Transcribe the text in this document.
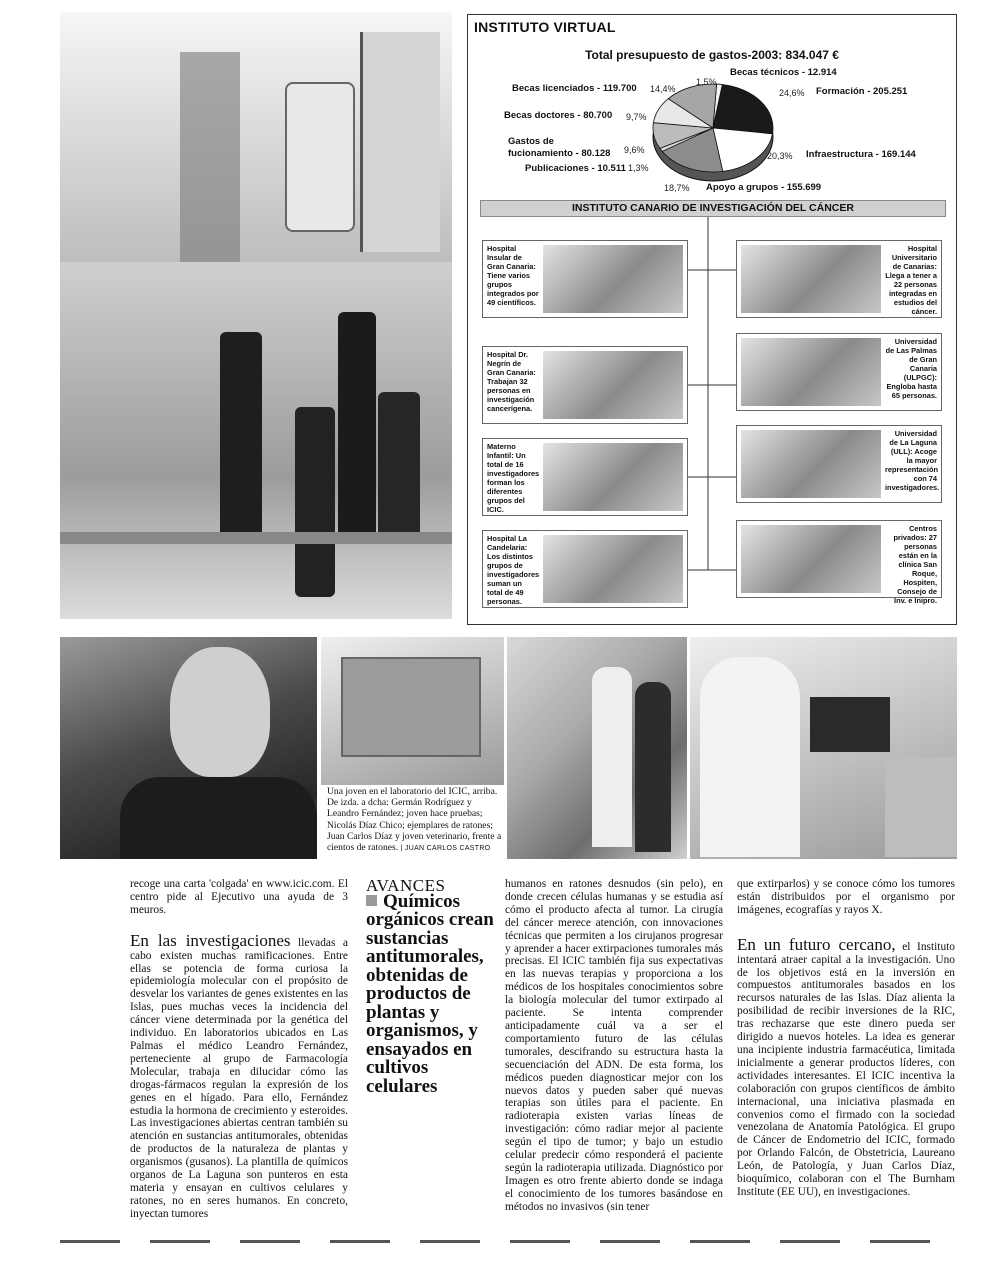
INSTITUTO VIRTUAL
Total presupuesto de gastos-2003: 834.047 €
Becas técnicos - 12.914
Formación - 205.251
Infraestructura - 169.144
Apoyo a grupos - 155.699
Publicaciones - 10.511
Gastos de
fucionamiento - 80.128
Becas doctores - 80.700
Becas licenciados - 119.700
1,5%
24,6%
20,3%
18,7%
1,3%
9,6%
9,7%
14,4%
INSTITUTO CANARIO DE INVESTIGACIÓN DEL CÁNCER
Hospital Insular de Gran Canaria: Tiene varios grupos integrados por 49 científicos.
Hospital Dr. Negrín de Gran Canaria: Trabajan 32 personas en investigación cancerígena.
Materno Infantil: Un total de 16 investigadores forman los diferentes grupos del ICIC.
Hospital La Candelaria: Los distintos grupos de investigadores suman un total de 49 personas.
Hospital Universitario de Canarias: Llega a tener a 22 personas integradas en estudios del cáncer.
Universidad de Las Palmas de Gran Canaria (ULPGC): Engloba hasta 65 personas.
Universidad de La Laguna (ULL): Acoge la mayor representación con 74 investigadores.
Centros privados: 27 personas están en la clínica San Roque, Hospiten, Consejo de Inv. e Inipro.
Una joven en el laboratorio del ICIC, arriba. De izda. a dcha: Germán Rodríguez y Leandro Fernández; joven hace pruebas; Nicolás Díaz Chico; ejemplares de ratones; Juan Carlos Díaz y joven veterinario, frente a cientos de ratones. | JUAN CARLOS CASTRO

recoge una carta 'colgada' en www.icic.com. El centro pide al Ejecutivo una ayuda de 3 meuros.

En las investigaciones llevadas a cabo existen muchas ramificaciones. Entre ellas se potencia de forma curiosa la epidemiología molecular con el propósito de desvelar los variantes de genes existentes en las Islas, pues muchas veces la incidencia del cáncer viene determinada por la genética del individuo. En laboratorios ubicados en Las Palmas el médico Leandro Fernández, perteneciente al grupo de Farmacología Molecular, trabaja en dilucidar cómo las drogas-fármacos regulan la expresión de los genes en el hígado. Para ello, Fernández estudia la hormona de crecimiento y esteroides. Las investigaciones abiertas centran también su atención en sustancias antitumorales, obtenidas de productos de la naturaleza de plantas y organismos (gusanos). La plantilla de químicos organos de La Laguna son punteros en esta materia y ensayan en cultivos celulares y ratones, no en seres humanos. En concreto, inyectan tumores

AVANCES
Químicos orgánicos crean sustancias antitumorales, obtenidas de productos de plantas y organismos, y ensayados en cultivos celulares

humanos en ratones desnudos (sin pelo), en donde crecen células humanas y se estudia así cómo el producto afecta al tumor. La cirugía del cáncer merece atención, con innovaciones técnicas que permiten a los cirujanos progresar y aprender a hacer extirpaciones tumorales más precisas. El ICIC también fija sus expectativas en las nuevas terapias y proporciona a los médicos de los hospitales conocimientos sobre la biología molecular del tumor extirpado al paciente. Se intenta comprender anticipadamente cuál va a ser el comportamiento futuro de las células tumorales, descifrando su estructura hasta la secuenciación del ADN. De esta forma, los médicos pueden diagnosticar mejor con los nuevos datos y pueden saber qué nuevas terapias son útiles para el paciente. En radioterapia existen varias líneas de investigación: cómo radiar mejor al paciente según el tipo de tumor; y bajo un estudio celular predecir cómo responderá el paciente según la radioterapia utilizada. Diagnóstico por Imagen es otro frente abierto donde se indaga el conocimiento de los tumores basándose en métodos no invasivos (sin tener

que extirparlos) y se conoce cómo los tumores están distribuidos por el organismo por imágenes, ecografías y rayos X.

En un futuro cercano, el Instituto intentará atraer capital a la investigación. Uno de los objetivos está en la inversión en compuestos antitumorales basados en los recursos naturales de las Islas. Díaz alienta la posibilidad de recibir inversiones de la RIC, tras rechazarse que este dinero pueda ser dirigido a nuevos hoteles. La idea es generar una incipiente industria farmacéutica, limitada inicialmente a generar productos líderes, con actividades interesantes. El ICIC incentiva la colaboración con grupos científicos de ámbito internacional, una iniciativa plasmada en convenios como el firmado con la sociedad venezolana de Anatomía Patológica. El grupo de Cáncer de Endometrio del ICIC, formado por Orlando Falcón, de Obstetricia, Laureano León, de Patología, y Juan Carlos Díaz, bioquímico, colaboran con el The Burnham Institute (EE UU), en investigaciones.
